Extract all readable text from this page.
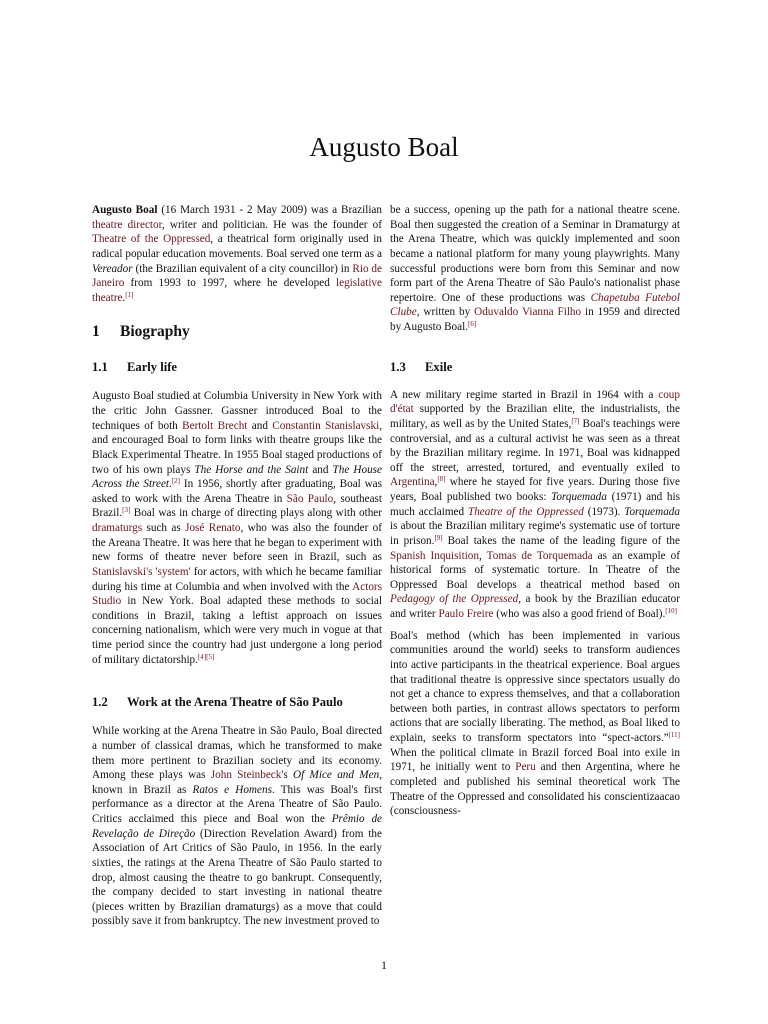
Augusto Boal

Augusto Boal (16 March 1931 - 2 May 2009) was a Brazilian theatre director, writer and politician. He was the founder of Theatre of the Oppressed, a theatrical form originally used in radical popular education movements. Boal served one term as a Vereador (the Brazilian equivalent of a city councillor) in Rio de Janeiro from 1993 to 1997, where he developed legislative theatre.[1]

1 Biography
1.1 Early life

Augusto Boal studied at Columbia University in New York with the critic John Gassner. Gassner introduced Boal to the techniques of both Bertolt Brecht and Constantin Stanislavski, and encouraged Boal to form links with theatre groups like the Black Experimental Theatre. In 1955 Boal staged productions of two of his own plays The Horse and the Saint and The House Across the Street.[2] In 1956, shortly after graduating, Boal was asked to work with the Arena Theatre in São Paulo, southeast Brazil.[3] Boal was in charge of directing plays along with other dramaturgs such as José Renato, who was also the founder of the Areana Theatre. It was here that he began to experiment with new forms of theatre never before seen in Brazil, such as Stanislavski's 'system' for actors, with which he became familiar during his time at Columbia and when involved with the Actors Studio in New York. Boal adapted these methods to social conditions in Brazil, taking a leftist approach on issues concerning nationalism, which were very much in vogue at that time period since the country had just undergone a long period of military dictatorship.[4][5]

1.2	Work at the Arena Theatre of São Paulo

While working at the Arena Theatre in São Paulo, Boal directed a number of classical dramas, which he transformed to make them more pertinent to Brazilian society and its economy. Among these plays was John Steinbeck's Of Mice and Men, known in Brazil as Ratos e Homens. This was Boal's first performance as a director at the Arena Theatre of São Paulo. Critics acclaimed this piece and Boal won the Prêmio de Revelação de Direção (Direction Revelation Award) from the Association of Art Critics of São Paulo, in 1956. In the early sixties, the ratings at the Arena Theatre of São Paulo started to drop, almost causing the theatre to go bankrupt. Consequently, the company decided to start investing in national theatre (pieces written by Brazilian dramaturgs) as a move that could possibly save it from bankruptcy. The new investment proved to

be a success, opening up the path for a national theatre scene. Boal then suggested the creation of a Seminar in Dramaturgy at the Arena Theatre, which was quickly implemented and soon became a national platform for many young playwrights. Many successful productions were born from this Seminar and now form part of the Arena Theatre of São Paulo's nationalist phase repertoire. One of these productions was Chapetuba Futebol Clube, written by Oduvaldo Vianna Filho in 1959 and directed by Augusto Boal.[6]

1.3 Exile

A new military regime started in Brazil in 1964 with a coup d'état supported by the Brazilian elite, the industrialists, the military, as well as by the United States,[7] Boal's teachings were controversial, and as a cultural activist he was seen as a threat by the Brazilian military regime. In 1971, Boal was kidnapped off the street, arrested, tortured, and eventually exiled to Argentina,[8] where he stayed for five years. During those five years, Boal published two books: Torquemada (1971) and his much acclaimed Theatre of the Oppressed (1973). Torquemada is about the Brazilian military regime's systematic use of torture in prison.[9] Boal takes the name of the leading figure of the Spanish Inquisition, Tomas de Torquemada as an example of historical forms of systematic torture. In Theatre of the Oppressed Boal develops a theatrical method based on Pedagogy of the Oppressed, a book by the Brazilian educator and writer Paulo Freire (who was also a good friend of Boal).[10]

Boal's method (which has been implemented in various communities around the world) seeks to transform audiences into active participants in the theatrical experience. Boal argues that traditional theatre is oppressive since spectators usually do not get a chance to express themselves, and that a collaboration between both parties, in contrast allows spectators to perform actions that are socially liberating. The method, as Boal liked to explain, seeks to transform spectators into “spect-actors.”[11] When the political climate in Brazil forced Boal into exile in 1971, he initially went to Peru and then Argentina, where he completed and published his seminal theoretical work The Theatre of the Oppressed and consolidated his conscientizaacao (consciousness-

1
